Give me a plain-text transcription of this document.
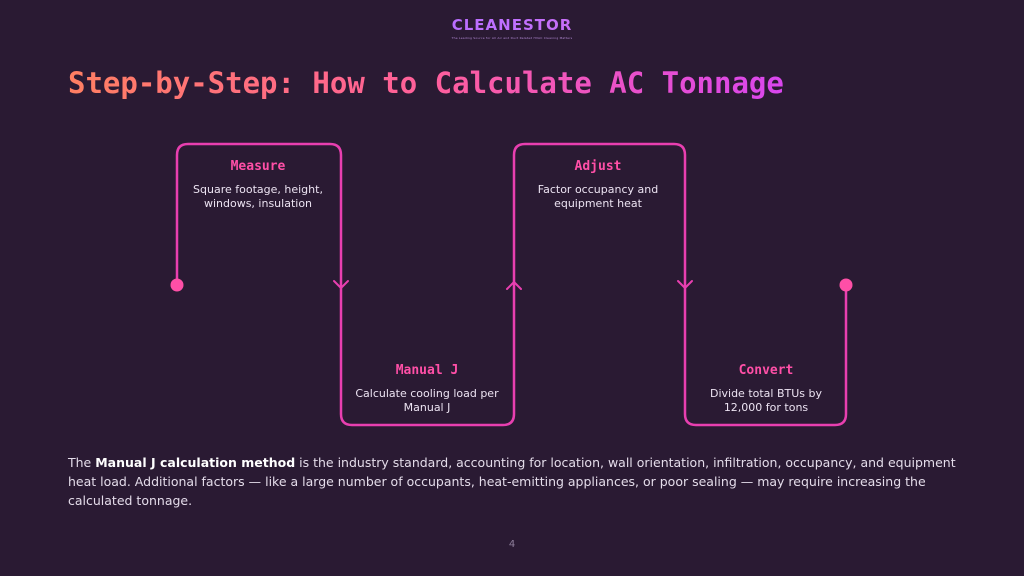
CLEANESTOR
The Leading Source for All Air and Duct Related HVAC Cleaning Matters
Step-by-Step: How to Calculate AC Tonnage
Measure
Square footage, height, windows, insulation
Manual J
Calculate cooling load per Manual J
Adjust
Factor occupancy and equipment heat
Convert
Divide total BTUs by 12,000 for tons
The Manual J calculation method is the industry standard, accounting for location, wall orientation, infiltration, occupancy, and equipment heat load. Additional factors — like a large number of occupants, heat-emitting appliances, or poor sealing — may require increasing the calculated tonnage.
4
